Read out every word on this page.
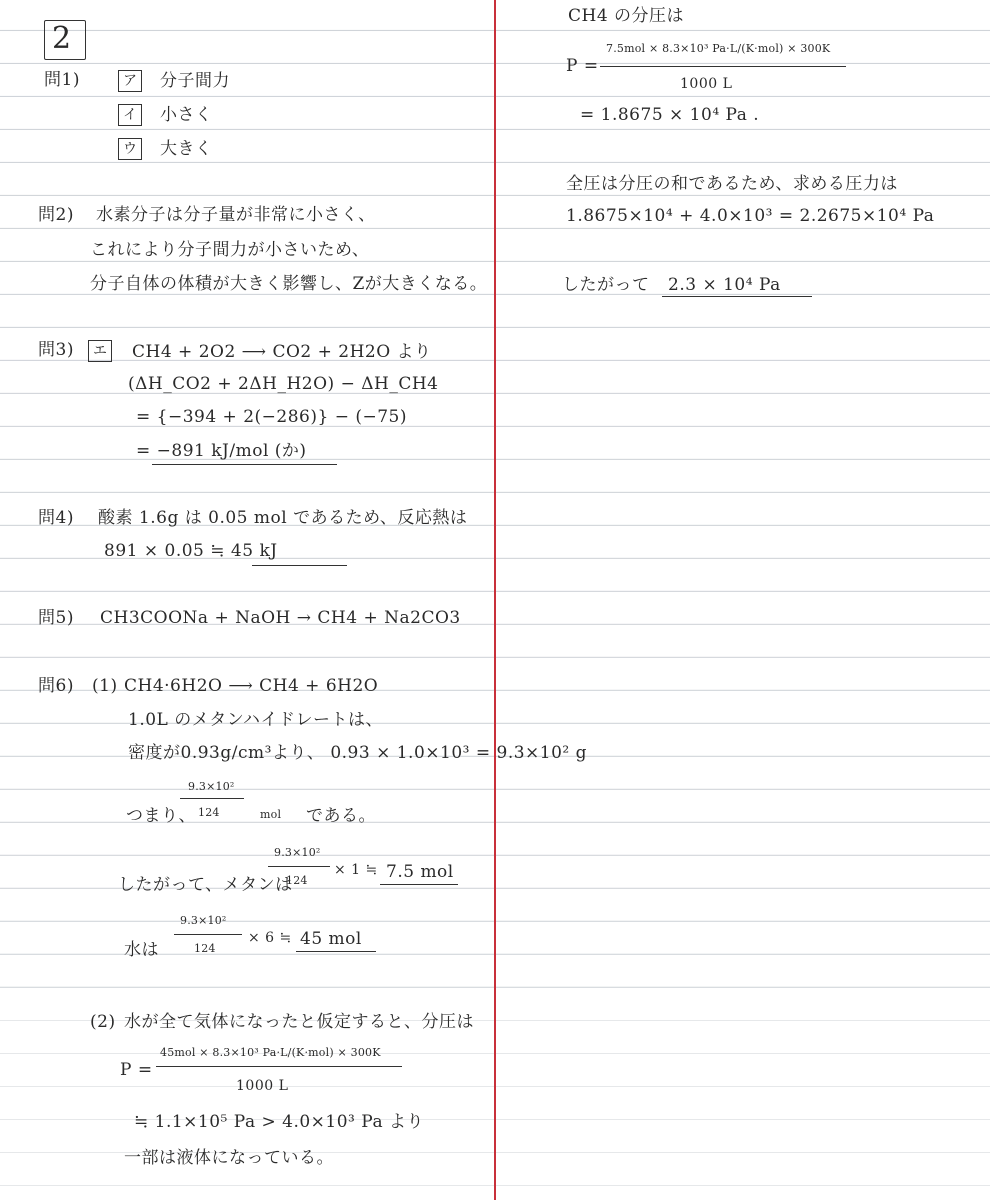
2
問1)	ア 分子間力
イ 小さく
ウ 大きく
問2) 水素分子は分子量が非常に小さく、
これにより分子間力が小さいため、
分子自体の体積が大きく影響し、Zが大きくなる。
問3)	エ CH4 + 2O2 ⟶ CO2 + 2H2O より
(ΔH_CO2 + 2ΔH_H2O) − ΔH_CH4
= {−394 + 2(−286)} − (−75)
= −891 kJ/mol (か)
問4) 酸素 1.6g は 0.05 mol であるため、反応熱は
891 × 0.05 ≒ 45 kJ
問5) CH3COONa + NaOH → CH4 + Na2CO3
問6) (1) CH4·6H2O ⟶ CH4 + 6H2O
1.0L のメタンハイドレートは、
密度が0.93g/cm³より、 0.93 × 1.0×10³ = 9.3×10² g
つまり、
9.3×10²
124	mol である。
したがって、メタンは
9.3×10²
124
× 1 ≒ 7.5 mol
水は
9.3×10²
124
× 6 ≒ 45 mol
(2) 水が全て気体になったと仮定すると、分圧は
P =
45mol × 8.3×10³ Pa·L/(K·mol) × 300K
1000 L
≒ 1.1×10⁵ Pa > 4.0×10³ Pa より
一部は液体になっている。
CH4 の分圧は
P =
7.5mol × 8.3×10³ Pa·L/(K·mol) × 300K
1000 L
= 1.8675 × 10⁴ Pa .
全圧は分圧の和であるため、求める圧力は
1.8675×10⁴ + 4.0×10³ = 2.2675×10⁴ Pa
したがって 2.3 × 10⁴ Pa
